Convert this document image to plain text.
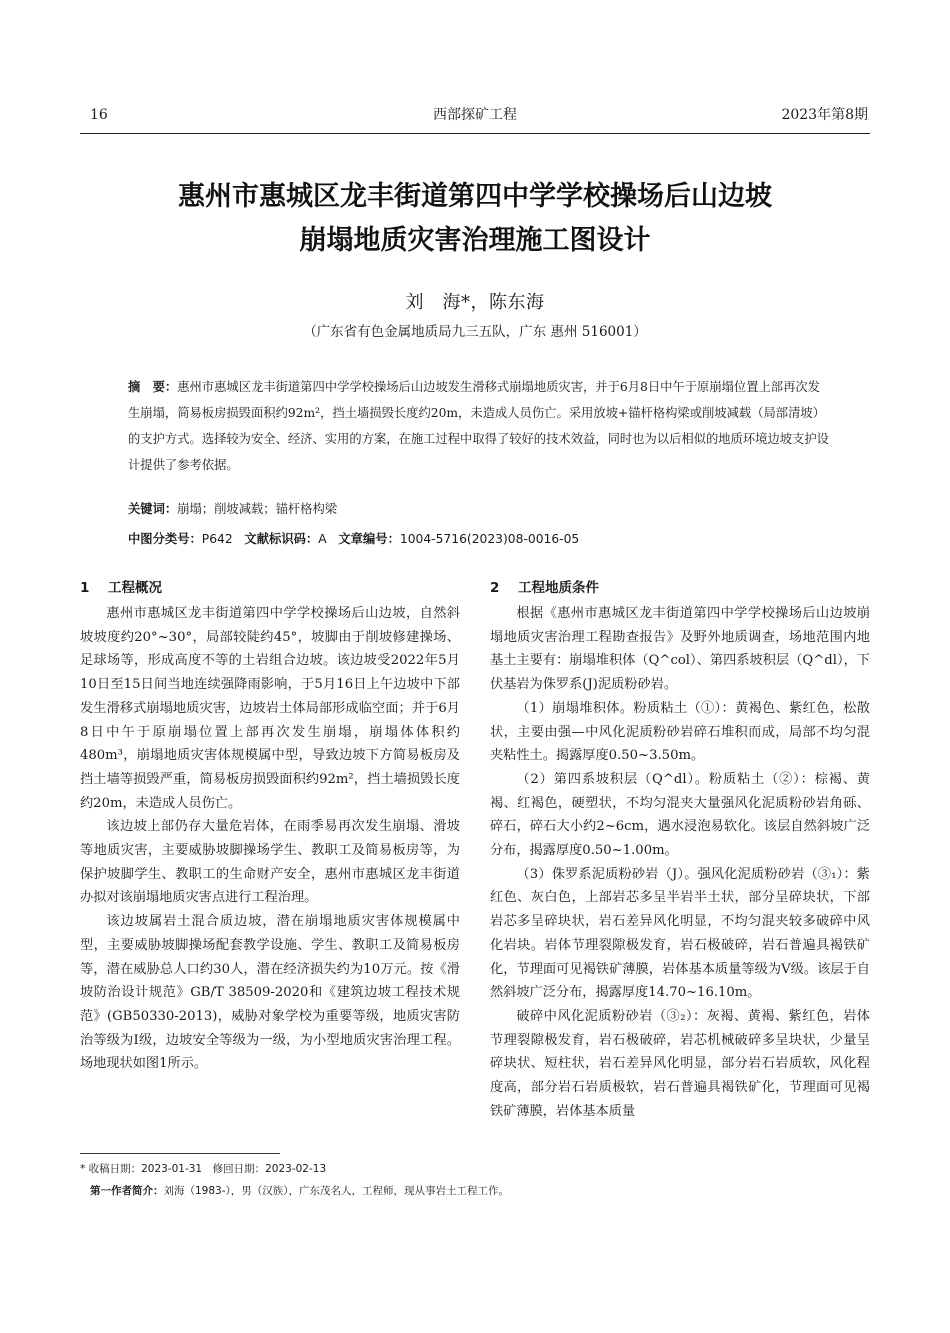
16	西部探矿工程	2023年第8期
惠州市惠城区龙丰街道第四中学学校操场后山边坡
崩塌地质灾害治理施工图设计
刘　海*，陈东海
（广东省有色金属地质局九三五队，广东 惠州 516001）
摘　要：惠州市惠城区龙丰街道第四中学学校操场后山边坡发生滑移式崩塌地质灾害，并于6月8日中午于原崩塌位置上部再次发生崩塌，简易板房损毁面积约92m²，挡土墙损毁长度约20m，未造成人员伤亡。采用放坡+锚杆格构梁或削坡减载（局部清坡）的支护方式。选择较为安全、经济、实用的方案，在施工过程中取得了较好的技术效益，同时也为以后相似的地质环境边坡支护设计提供了参考依据。
关键词：崩塌；削坡减载；锚杆格构梁
中图分类号：P642 文献标识码：A 文章编号：1004-5716(2023)08-0016-05
1 工程概况

惠州市惠城区龙丰街道第四中学学校操场后山边坡，自然斜坡坡度约20°~30°，局部较陡约45°，坡脚由于削坡修建操场、足球场等，形成高度不等的土岩组合边坡。该边坡受2022年5月10日至15日间当地连续强降雨影响，于5月16日上午边坡中下部发生滑移式崩塌地质灾害，边坡岩土体局部形成临空面；并于6月8日中午于原崩塌位置上部再次发生崩塌，崩塌体体积约480m³，崩塌地质灾害体规模属中型，导致边坡下方简易板房及挡土墙等损毁严重，简易板房损毁面积约92m²，挡土墙损毁长度约20m，未造成人员伤亡。

该边坡上部仍存大量危岩体，在雨季易再次发生崩塌、滑坡等地质灾害，主要威胁坡脚操场学生、教职工及简易板房等，为保护坡脚学生、教职工的生命财产安全，惠州市惠城区龙丰街道办拟对该崩塌地质灾害点进行工程治理。

该边坡属岩土混合质边坡，潜在崩塌地质灾害体规模属中型，主要威胁坡脚操场配套教学设施、学生、教职工及简易板房等，潜在威胁总人口约30人，潜在经济损失约为10万元。按《滑坡防治设计规范》GB/T 38509-2020和《建筑边坡工程技术规范》(GB50330-2013)，威胁对象学校为重要等级，地质灾害防治等级为Ⅰ级，边坡安全等级为一级，为小型地质灾害治理工程。场地现状如图1所示。

2 工程地质条件

根据《惠州市惠城区龙丰街道第四中学学校操场后山边坡崩塌地质灾害治理工程勘查报告》及野外地质调查，场地范围内地基土主要有：崩塌堆积体（Q^col）、第四系坡积层（Q^dl），下伏基岩为侏罗系(J)泥质粉砂岩。

（1）崩塌堆积体。粉质粘土（①）：黄褐色、紫红色，松散状，主要由强—中风化泥质粉砂岩碎石堆积而成，局部不均匀混夹粘性土。揭露厚度0.50~3.50m。

（2）第四系坡积层（Q^dl）。粉质粘土（②）：棕褐、黄褐、红褐色，硬塑状，不均匀混夹大量强风化泥质粉砂岩角砾、碎石，碎石大小约2~6cm，遇水浸泡易软化。该层自然斜坡广泛分布，揭露厚度0.50~1.00m。

（3）侏罗系泥质粉砂岩（J）。强风化泥质粉砂岩（③₁）：紫红色、灰白色，上部岩芯多呈半岩半土状，部分呈碎块状，下部岩芯多呈碎块状，岩石差异风化明显，不均匀混夹较多破碎中风化岩块。岩体节理裂隙极发育，岩石极破碎，岩石普遍具褐铁矿化，节理面可见褐铁矿薄膜，岩体基本质量等级为Ⅴ级。该层于自然斜坡广泛分布，揭露厚度14.70~16.10m。

破碎中风化泥质粉砂岩（③₂）：灰褐、黄褐、紫红色，岩体节理裂隙极发育，岩石极破碎，岩芯机械破碎多呈块状，少量呈碎块状、短柱状，岩石差异风化明显，部分岩石岩质软，风化程度高，部分岩石岩质极软，岩石普遍具褐铁矿化，节理面可见褐铁矿薄膜，岩体基本质量

* 收稿日期：2023-01-31　修回日期：2023-02-13
第一作者简介：刘海（1983-），男（汉族），广东茂名人，工程师，现从事岩土工程工作。
